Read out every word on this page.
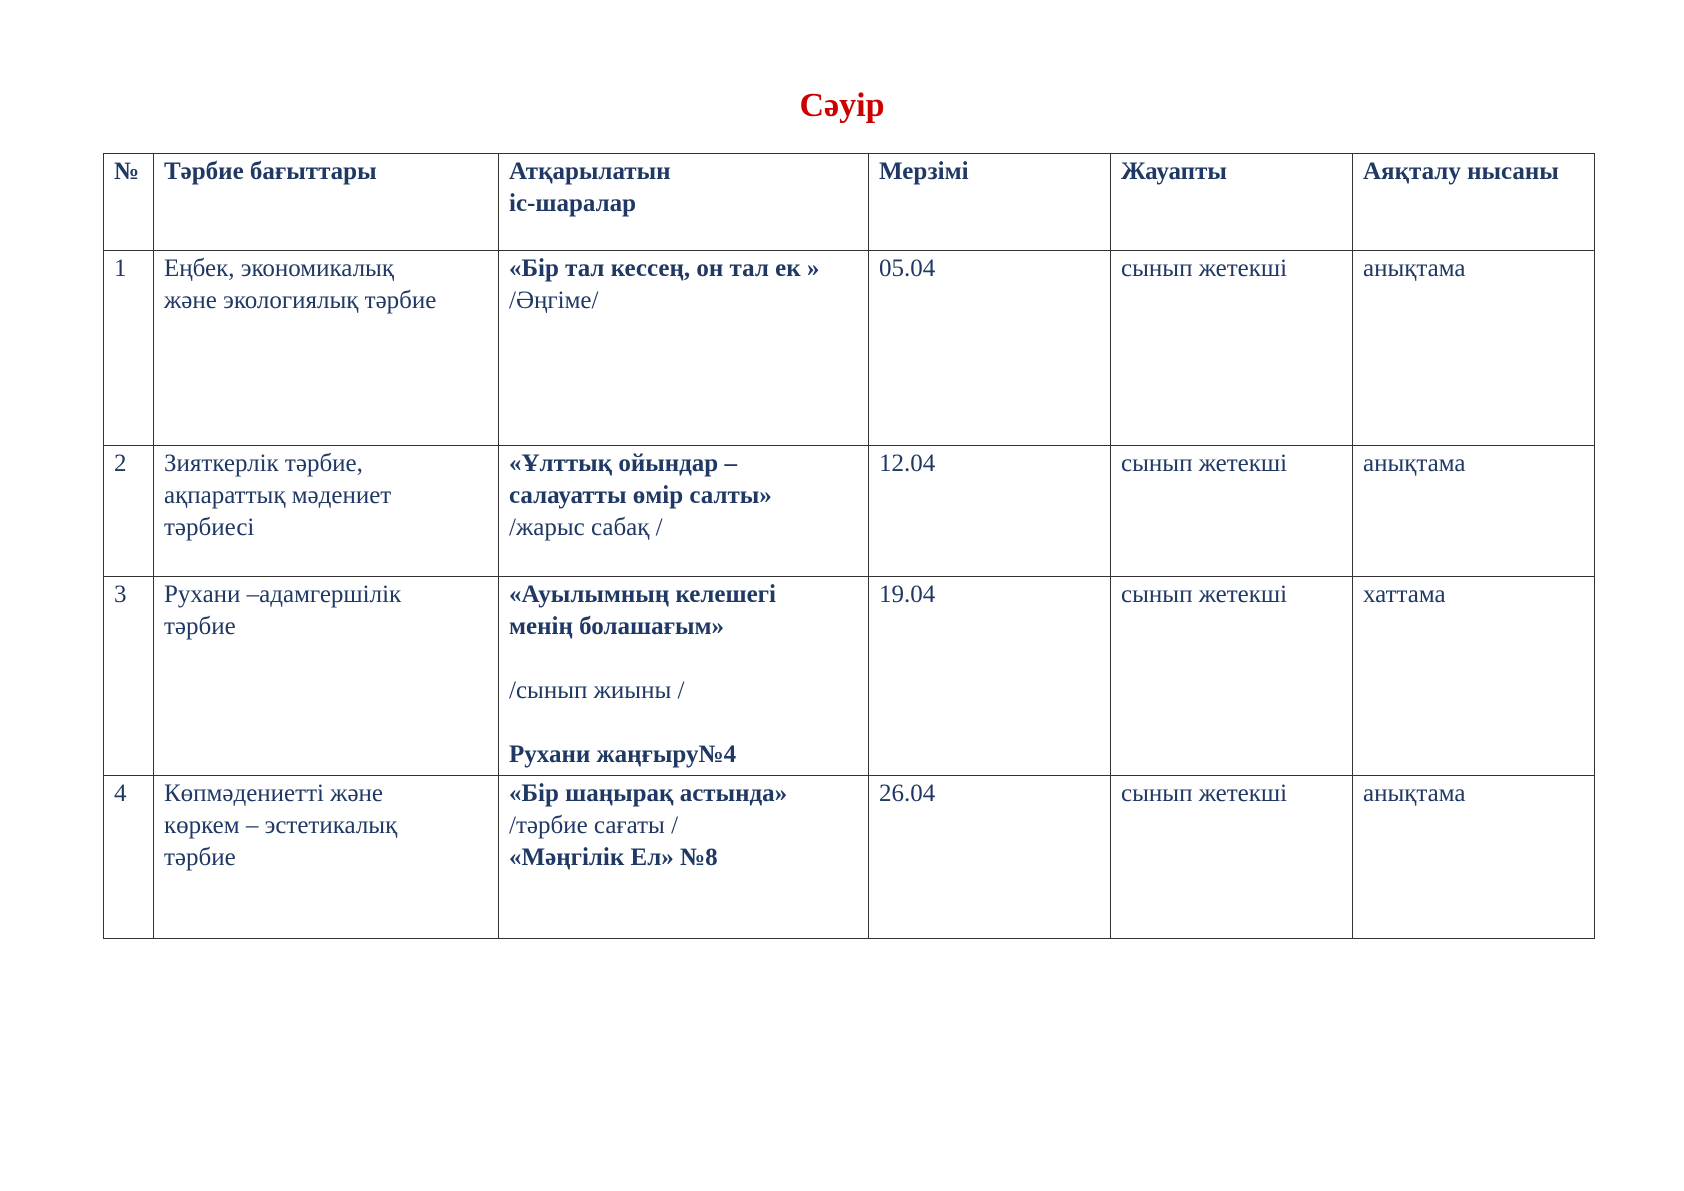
Сәуір
№	Тәрбие бағыттары	Атқарылатын
іс-шаралар	Мерзімі	Жауапты	Аяқталу нысаны
1	Еңбек, экономикалық
және экологиялық тәрбие	«Бір тал кессең, он тал ек »
/Әңгіме/	05.04	сынып жетекші	анықтама
2	Зияткерлік тәрбие,
ақпараттық мәдениет
тәрбиесі	«Ұлттық ойындар –
салауатты өмір салты»
/жарыс сабақ /	12.04	сынып жетекші	анықтама
3	Рухани –адамгершілік
тәрбие	«Ауылымның келешегі
менің болашағым»
/сынып жиыны /
Рухани жаңғыру№4	19.04	сынып жетекші	хаттама
4	Көпмәдениетті және
көркем – эстетикалық
тәрбие	«Бір шаңырақ астында»
/тәрбие сағаты /
«Мәңгілік Ел» №8	26.04	сынып жетекші	анықтама
